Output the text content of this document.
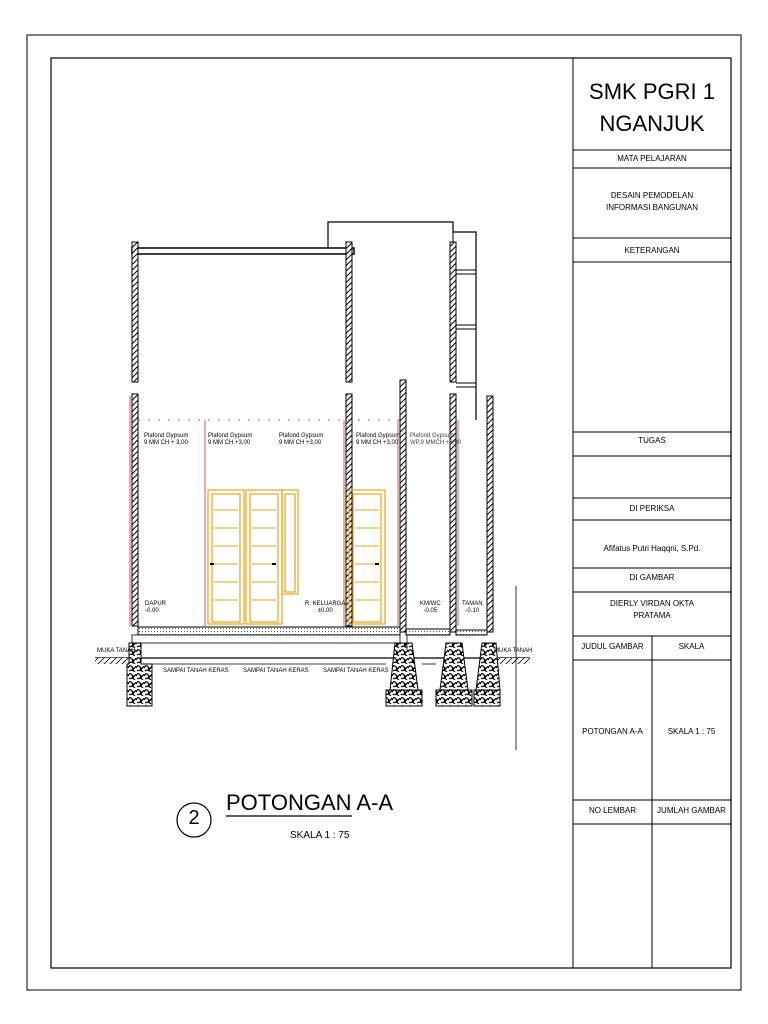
SMK PGRI 1
NGANJUK
MATA PELAJARAN
DESAIN PEMODELAN
INFORMASI BANGUNAN
KETERANGAN
TUGAS
DI PERIKSA
Afifatus Putri Haqqni, S.Pd.
DI GAMBAR
DIERLY VIRDAN OKTA
PRATAMA
JUDUL GAMBAR	SKALA
POTONGAN A-A	SKALA 1 : 75
NO LEMBAR	JUMLAH GAMBAR
2
POTONGAN A-A
SKALA 1 : 75
Plafond Gypsum
9 MM CH + 3,00
Plafond Gypsum
9 MM CH +3,00
Plafond Gypsum
9 MM CH +3,00
Plafond Gypsum
9 MM CH +3,00
Plafond Gypsum
WP,9 MMCH +3,00
DAPUR
-0.00
R. KELUARGA
±0.00
KM/WC
-0.05
TAMAN
-0.10
MUKA TANAH	MUKA TANAH
SAMPAI TANAH KERAS SAMPAI TANAH KERAS SAMPAI TANAH KERAS
